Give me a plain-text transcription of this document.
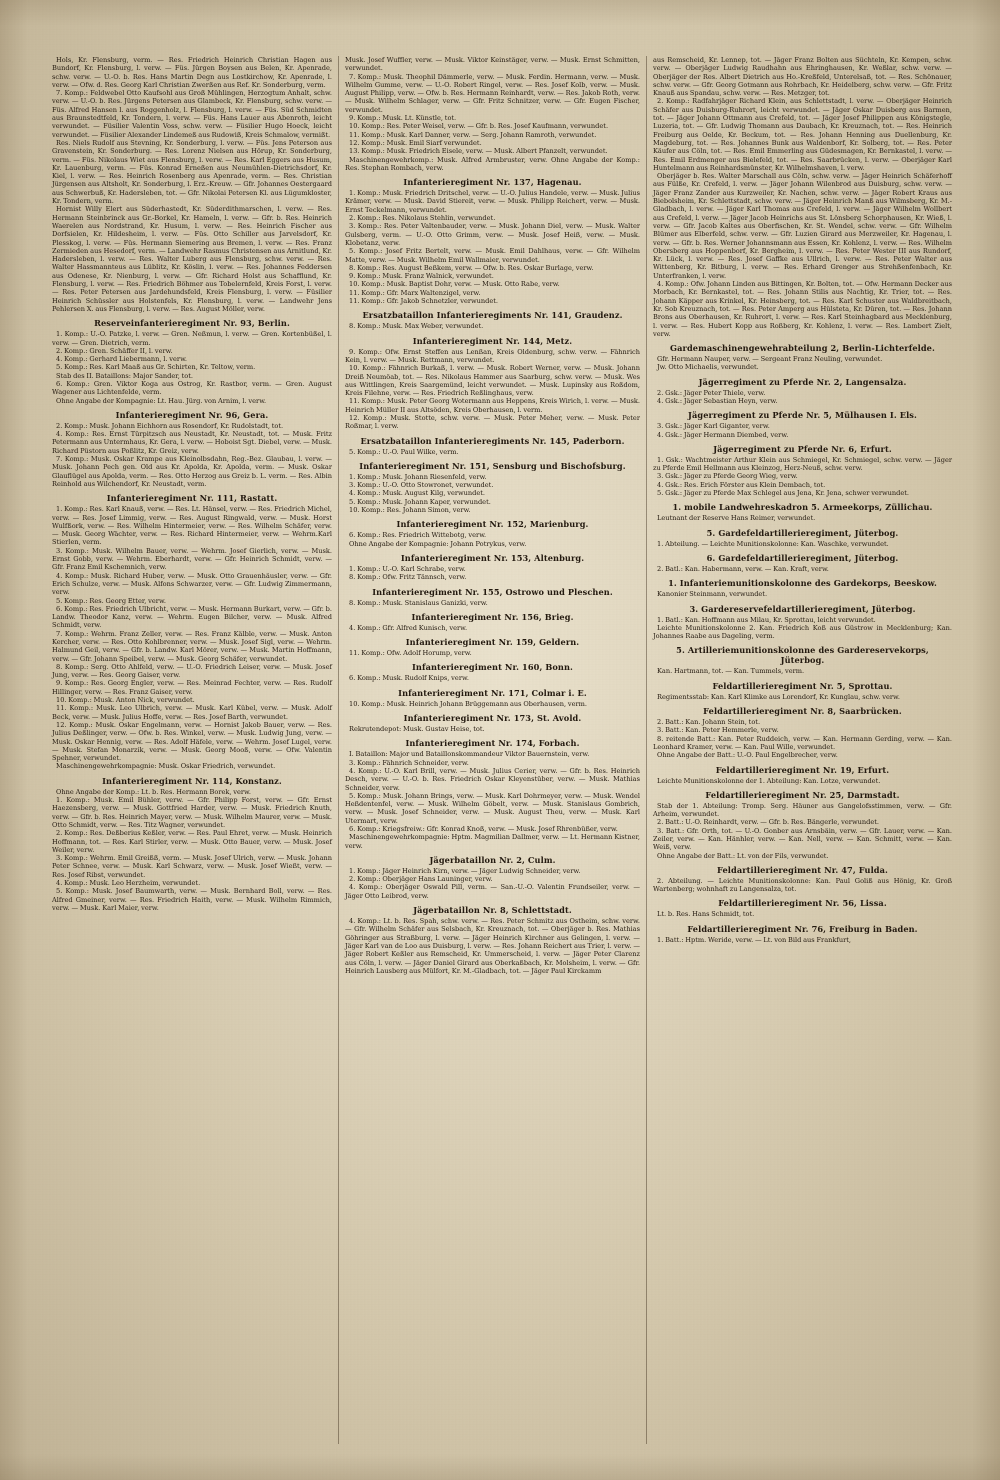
Hols, Kr. Flensburg, verm. — Res. Friedrich Heinrich Christian Hagen aus Bundorf, Kr. Flensburg, l. verw. — Füs. Jürgen Boysen aus Belen, Kr. Apenrade, schw. verw. — U.-O. b. Res. Hans Martin Degn aus Lostkirchow, Kr. Apenrade, l. verw. — Ofw. d. Res. Georg Karl Christian Zwerßen aus Ref. Kr. Sonderburg, verm.

7. Komp.: Feldwebel Otto Kaufsohl aus Groß Mühlingen, Herzogtum Anhalt, schw. verw. — U.-O. b. Res. Jürgens Petersen aus Glambeck, Kr. Flensburg, schw. verw. — Füs. Alfred Hansen l. aus Roggenholz, l. Flensburg, l. verw. — Füs. Süd Schmidten aus Braunstedtfeld, Kr. Tondern, l. verw. — Füs. Hans Lauer aus Abenroth, leicht verwundet. — Füsilier Valentin Voss, schw. verw. — Füsilier Hugo Hoeck, leicht verwundet. — Füsilier Alexander Lindemeß aus Rudowiß, Kreis Schmalow, vermißt.

Res. Niels Rudolf aus Stevning, Kr. Sonderburg, l. verw. — Füs. Jens Peterson aus Gravenstein, Kr. Sonderburg. — Res. Lorenz Nielsen aus Hörup, Kr. Sonderburg, verm. — Füs. Nikolaus Wiet aus Flensburg, l. verw. — Res. Karl Eggers aus Husum, Kr. Lauenburg, verm. — Füs. Konrad Erneßen aus Neumühlen-Dietrichsdorf, Kr. Kiel, l. verw. — Res. Heinrich Rosenberg aus Apenrade, verm. — Res. Christian Jürgensen aus Altsholt, Kr. Sonderburg, l. Erz.-Kreuw. — Gfr. Johannes Oestergaard aus Schwerbuß, Kr. Hadersleben, tot. — Gfr. Nikolai Petersen Kl. aus Lügumkloster, Kr. Tondern, verm.

Hornist Willy Elert aus Süderhastedt, Kr. Süderdithmarschen, l. verw. — Res. Hermann Steinbrinck aus Gr.-Borkel, Kr. Hameln, l. verw. — Gfr. b. Res. Heinrich Waerelen aus Nordstrand, Kr. Husum, l. verw. — Res. Heinrich Fischer aus Dorfsielen, Kr. Hildesheim, l. verw. — Füs. Otto Schiller aus Jarvelsdorf, Kr. Plesskog, l. verw. — Füs. Hermann Siemering aus Bremen, l. verw. — Res. Franz Zermieden aus Hesedorf, verm. — Landwehr Rasmus Christensen aus Arnitlund, Kr. Hadersleben, l. verw. — Res. Walter Luberg aus Flensburg, schw. verw. — Res. Walter Hassmannteus aus Lüblitz, Kr. Köslin, l. verw. — Res. Johannes Feddersen aus Odenese, Kr. Nienburg, l. verw. — Gfr. Richard Holst aus Schafflund, Kr. Flensburg, l. verw. — Res. Friedrich Böhmer aus Tobelernfeld, Kreis Forst, l. verw. — Res. Peter Petersen aus Jardehundsfeld, Kreis Flensburg, l. verw. — Füsilier Heinrich Schüssler aus Holstenfels, Kr. Flensburg, l. verw. — Landwehr Jens Pehlersen X. aus Flensburg, l. verw. — Res. August Möller, verw.

Reserveinfanterieregiment Nr. 93, Berlin.

1. Komp.: U.-O. Patzke, l. verw. — Gren. Neßmun, l. verw. — Gren. Kortenbüßel, l. verw. — Gren. Dietrich, verm.

2. Komp.: Gren. Schäffer II, l. verw.

4. Komp.: Gerhard Liebermann, l. verw.

5. Komp.: Res. Karl Maaß aus Gr. Schirten, Kr. Teltow, verm.

Stab des II. Bataillons: Major Sander, tot.

6. Komp.: Gren. Viktor Koga aus Ostrog, Kr. Rastbor, verm. — Gren. August Wagener aus Lichtenfelde, verm.

Ohne Angabe der Kompagnie: Lt. Hau. Jürg. von Arnim, l. verw.

Infanterieregiment Nr. 96, Gera.

2. Komp.: Musk. Johann Eichhorn aus Rosendorf, Kr. Rudolstadt, tot.

4. Komp.: Res. Ernst Türpitzsch aus Neustadt, Kr. Neustadt, tot. — Musk. Fritz Petermann aus Untermhaus, Kr. Gera, l. verw. — Hoboist Sgt. Diebel, verw. — Musk. Richard Püstorn aus Poßlitz, Kr. Greiz, verw.

7. Komp.: Musk. Oskar Krampe aus Kleinolbsdahn, Reg.-Bez. Glaubau, l. verw. — Musk. Johann Pech gen. Old aus Kr. Apolda, Kr. Apolda, verm. — Musk. Oskar Glauflügel aus Apolda, verm. — Res. Otto Herzog aus Greiz b. L. verm. — Res. Albin Reinhold aus Wilchendorf, Kr. Neustadt, verm.

Infanterieregiment Nr. 111, Rastatt.

1. Komp.: Res. Karl Knauß, verw. — Res. Lt. Hänsel, verw. — Res. Friedrich Michel, verw. — Res. Josef Limmig, verw. — Res. August Ringwald, verw. — Musk. Horst Wulfßork, verw. — Res. Wilhelm Hintermeier, verw. — Res. Wilhelm Schäfer, verw. — Musk. Georg Wächter, verw. — Res. Richard Hintermeier, verw. — Wehrm.Karl Stierlen, verm.

3. Komp.: Musk. Wilhelm Bauer, verw. — Wehrm. Josef Gierlich, verw. — Musk. Ernst Gobb, verw. — Wehrm. Eberhardt, verw. — Gfr. Heinrich Schmidt, verw. — Gfr. Franz Emil Kschemnich, verw.

4. Komp.: Musk. Richard Huber, verw. — Musk. Otto Grauenhäusler, verw. — Gfr. Erich Schulze, verw. — Musk. Alfons Schwarzer, verw. — Gfr. Ludwig Zimmermann, verw.

5. Komp.: Res. Georg Etter, verw.

6. Komp.: Res. Friedrich Ulbricht, verw. — Musk. Hermann Burkart, verw. — Gfr. b. Landw. Theodor Kanz, verw. — Wehrm. Eugen Bilcher, verw. — Musk. Alfred Schmidt, verw.

7. Komp.: Wehrm. Franz Zeller, verw. — Res. Franz Kälble, verw. — Musk. Anton Kercher, verw. — Res. Otto Kohlbrenner, verw. — Musk. Josef Sigl, verw. — Wehrm. Halmund Geil, verw. — Gfr. b. Landw. Karl Mörer, verw. — Musk. Martin Hoffmann, verw. — Gfr. Johann Speibel, verw. — Musk. Georg Schäfer, verwundet.

8. Komp.: Serg. Otto Ahlfeld, verw. — U.-O. Friedrich Leiser, verw. — Musk. Josef Jung, verw. — Res. Georg Gaiser, verw.

9. Komp.: Res. Georg Engler, verw. — Res. Meinrad Fechter, verw. — Res. Rudolf Hillinger, verw. — Res. Franz Gaiser, verw.

10. Komp.: Musk. Anton Nick, verwundet.

11. Komp.: Musk. Leo Ulbrich, verw. — Musk. Karl Kübel, verw. — Musk. Adolf Beck, verw. — Musk. Julius Hoffe, verw. — Res. Josef Barth, verwundet.

12. Komp.: Musk. Oskar Engelmann, verw. — Hornist Jakob Bauer, verw. — Res. Julius Deßlinger, verw. — Ofw. b. Res. Winkel, verw. — Musk. Ludwig Jung, verw. — Musk. Oskar Hennig, verw. — Res. Adolf Häfele, verw. — Wehrm. Josef Lugel, verw. — Musk. Stefan Monarzik, verw. — Musk. Georg Mooß, verw. — Ofw. Valentin Spehner, verwundet.

Maschinengewehrkompagnie: Musk. Oskar Friedrich, verwundet.

Infanterieregiment Nr. 114, Konstanz.

Ohne Angabe der Komp.: Lt. b. Res. Hermann Borek, verw.

1. Komp.: Musk. Emil Bühler, verw. — Gfr. Philipp Forst, verw. — Gfr. Ernst Haezensberg, verw. — Musk. Gottfried Harder, verw. — Musk. Friedrich Knuth, verw. — Gfr. b. Res. Heinrich Mayer, verw. — Musk. Wilhelm Maurer, verw. — Musk. Otto Schmidt, verw. — Res. Titz Wagner, verwundet.

2. Komp.: Res. Deßberius Keßler, verw. — Res. Paul Ehret, verw. — Musk. Heinrich Hoffmann, tot. — Res. Karl Stirler, verw. — Musk. Otto Bauer, verw. — Musk. Josef Weiler, verw.

3. Komp.: Wehrm. Emil Greißß, verm. — Musk. Josef Ulrich, verw. — Musk. Johann Peter Schnee, verw. — Musk. Karl Schwarz, verw. — Musk. Josef Wießt, verw. — Res. Josef Ribst, verwundet.

4. Komp.: Musk. Leo Herzheim, verwundet.

5. Komp.: Musk. Josef Baumwarth, verw. — Musk. Bernhard Boll, verw. — Res. Alfred Gmeiner, verw. — Res. Friedrich Haith, verw. — Musk. Wilhelm Rimmich, verw. — Musk. Karl Maier, verw.

Musk. Josef Wuffler, verw. — Musk. Viktor Keinstäger, verw. — Musk. Ernst Schmitten, verwundet.

7. Komp.: Musk. Theophil Dämmerle, verw. — Musk. Ferdin. Hermann, verw. — Musk. Wilhelm Gumme, verw. — U.-O. Robert Ringel, verw. — Res. Josef Kolb, verw. — Musk. August Philipp, verw. — Ofw. b. Res. Hermann Reinhardt, verw. — Res. Jakob Roth, verw. — Musk. Wilhelm Schlager, verw. — Gfr. Fritz Schnitzer, verw. — Gfr. Eugen Fischer, verwundet.

9. Komp.: Musk. Lt. Künstle, tot.

10. Komp.: Res. Peter Weisel, verw. — Gfr. b. Res. Josef Kaufmann, verwundet.

11. Komp.: Musk. Karl Danner, verw. — Serg. Johann Ramroth, verwundet.

12. Komp.: Musk. Emil Siarf verwundet.

13. Komp.: Musk. Friedrich Eisele, verw. — Musk. Albert Pfanzelt, verwundet.

Maschinengewehrkomp.: Musk. Alfred Armbruster, verw. Ohne Angabe der Komp.: Res. Stephan Rombach, verw.

Infanterieregiment Nr. 137, Hagenau.

1. Komp.: Musk. Friedrich Dritschel, verw. — U.-O. Julius Handele, verw. — Musk. Julius Krämer, verw. — Musk. David Stiereit, verw. — Musk. Philipp Reichert, verw. — Musk. Ernst Teckelmann, verwundet.

2. Komp.: Res. Nikolaus Stehlin, verwundet.

3. Komp.: Res. Peter Valtenbauder, verw. — Musk. Johann Diel, verw. — Musk. Walter Gulsberg, verm. — U.-O. Otto Grimm, verw. — Musk. Josef Heiß, verw. — Musk. Klobetanz, verw.

5. Komp.: Josef Fritz Bertelt, verw. — Musk. Emil Dahlhaus, verw. — Gfr. Wilhelm Matte, verw. — Musk. Wilhelm Emil Wallmaier, verwundet.

8. Komp.: Res. August Beßkem, verw. — Ofw. b. Res. Oskar Burlage, verw.

9. Komp.: Musk. Franz Walnick, verwundet.

10. Komp.: Musk. Baptist Dohr, verw. — Musk. Otto Rabe, verw.

11. Komp.: Gfr. Marx Waltenzigel, verw.

11. Komp.: Gfr. Jakob Schnetzler, verwundet.

Ersatzbataillon Infanterieregiments Nr. 141, Graudenz.

8. Komp.: Musk. Max Weber, verwundet.

Infanterieregiment Nr. 144, Metz.

9. Komp.: Ofw. Ernst Steffen aus Lenßan, Kreis Oldenburg, schw. verw. — Fähnrich Kein, l. verw. — Musk. Rettmann, verwundet.

10. Komp.: Fähnrich Burkaß, l. verw. — Musk. Robert Werner, verw. — Musk. Johann Dreiß Neumöab, tot. — Res. Nikolaus Hammer aus Saarburg, schw. verw. — Musk. Wes aus Wittlingen, Kreis Saargemünd, leicht verwundet. — Musk. Lupinsky aus Roßdom, Kreis Filehne, verw. — Res. Friedrich Reßlinghaus, verw.

11. Komp.: Musk. Peter Georg Wotermann aus Heppens, Kreis Wirich, l. verw. — Musk. Heinrich Müller II aus Altsöden, Kreis Oberhausen, l. verm.

12. Komp.: Musk. Stotte, schw. verw. — Musk. Peter Meher, verw. — Musk. Peter Roßmar, l. verw.

Ersatzbataillon Infanterieregiments Nr. 145, Paderborn.

5. Komp.: U.-O. Paul Wilke, verm.

Infanterieregiment Nr. 151, Sensburg und Bischofsburg.

1. Komp.: Musk. Johann Riesenfeld, verw.

3. Komp.: U.-O. Otto Stowronet, verwundet.

4. Komp.: Musk. August Kilg, verwundet.

5. Komp.: Musk. Johann Kaper, verwundet.

10. Komp.: Res. Johann Simon, verw.

Infanterieregiment Nr. 152, Marienburg.

6. Komp.: Res. Friedrich Wittebotg, verw.

Ohne Angabe der Kompagnie: Johann Potrykus, verw.

Infanterieregiment Nr. 153, Altenburg.

1. Komp.: U.-O. Karl Schrabe, verw.

8. Komp.: Ofw. Fritz Tännsch, verw.

Infanterieregiment Nr. 155, Ostrowo und Pleschen.

8. Komp.: Musk. Stanislaus Ganizki, verw.

Infanterieregiment Nr. 156, Brieg.

4. Komp.: Gfr. Alfred Kunisch, verw.

Infanterieregiment Nr. 159, Geldern.

11. Komp.: Ofw. Adolf Horump, verw.

Infanterieregiment Nr. 160, Bonn.

6. Komp.: Musk. Rudolf Knips, verw.

Infanterieregiment Nr. 171, Colmar i. E.

10. Komp.: Musk. Heinrich Johann Brüggemann aus Oberhausen, verm.

Infanterieregiment Nr. 173, St. Avold.

Rekrutendepot: Musk. Gustav Heise, tot.

Infanterieregiment Nr. 174, Forbach.

I. Bataillon: Major und Bataillonskommandeur Viktor Bauernstein, verw.

3. Komp.: Fähnrich Schneider, verw.

4. Komp.: U.-O. Karl Brill, verw. — Musk. Julius Cerier, verw. — Gfr. b. Res. Heinrich Desch, verw. — U.-O. b. Res. Friedrich Oskar Kleyenstüber, verw. — Musk. Mathias Schneider, verw.

5. Komp.: Musk. Johann Brings, verw. — Musk. Karl Dohrmeyer, verw. — Musk. Wendel Heßdentenfel, verw. — Musk. Wilhelm Göbelt, verw. — Musk. Stanislaus Gombrich, verw. — Musk. Josef Schneider, verw. — Musk. August Theu, verw. — Musk. Karl Utermart, verw.

6. Komp.: Kriegsfreiw.: Gfr. Konrad Knoß, verw. — Musk. Josef Rhrenbüßer, verw.

Maschinengewehrkompagnie: Hptm. Magmilian Dallmer, verw. — Lt. Hermann Kistner, verw.

Jägerbataillon Nr. 2, Culm.

1. Komp.: Jäger Heinrich Kirn, verw. — Jäger Ludwig Schneider, verw.

2. Komp.: Oberjäger Hans Launinger, verw.

4. Komp.: Oberjäger Oswald Pill, verm. — San.-U.-O. Valentin Frundseiler, verw. — Jäger Otto Leibrod, verw.

Jägerbataillon Nr. 8, Schlettstadt.

4. Komp.: Lt. b. Res. Spah, schw. verw. — Res. Peter Schmitz aus Ostheim, schw. verw. — Gfr. Wilhelm Schäfer aus Selsbach, Kr. Kreuznach, tot. — Oberjäger b. Res. Mathias Göhringer aus Straßburg, l. verw. — Jäger Heinrich Kirchner aus Gelingen, l. verw. — Jäger Karl van de Loo aus Duisburg, l. verw. — Res. Johann Reichert aus Trier, l. verw. — Jäger Robert Keßler aus Remscheid, Kr. Ummerscheid, l. verw. — Jäger Peter Clarenz aus Cöln, l. verw. — Jäger Daniel Girard aus Oberkaßbach, Kr. Molsheim, l. verw. — Gfr. Heinrich Lausberg aus Mülfort, Kr. M.-Gladbach, tot. — Jäger Paul Kirckamm

aus Remscheid, Kr. Lennep, tot. — Jäger Franz Bolten aus Süchteln, Kr. Kempen, schw. verw. — Oberjäger Ludwig Raudhahn aus Ehringhausen, Kr. Weßlar, schw. verw. — Oberjäger der Res. Albert Dietrich aus Ho.-Kreßfeld, Unterelsaß, tot. — Res. Schönauer, schw. verw. — Gfr. Georg Gotmann aus Rohrbach, Kr. Heidelberg, schw. verw. — Gfr. Fritz Knauß aus Spandau, schw. verw. — Res. Metzger, tot.

2. Komp.: Radfahrjäger Richard Klein, aus Schlettstadt, l. verw. — Oberjäger Heinrich Schäfer aus Duisburg-Ruhrort, leicht verwundet. — Jäger Oskar Duisberg aus Barmen, tot. — Jäger Johann Ottmann aus Crefeld, tot. — Jäger Josef Philippen aus Königstegle, Luzeria, tot. — Gfr. Ludwig Thomann aus Daubach, Kr. Kreuznach, tot. — Res. Heinrich Freiburg aus Oelde, Kr. Beckum, tot. — Res. Johann Henning aus Duellenburg, Kr. Magdeburg, tot. — Res. Johannes Bunk aus Waldenborf, Kr. Solberg, tot. — Res. Peter Käufer aus Cöln, tot. — Res. Emil Emmerling aus Güdesmagen, Kr. Bernkastel, l. verw. — Res. Emil Erdmenger aus Bielefeld, tot. — Res. Saarbrücken, l. verw. — Oberjäger Karl Huntelmann aus Reinhardsmünster, Kr. Wilhelmshaven, l. verw.

Oberjäger b. Res. Walter Marschall aus Cöln, schw. verw. — Jäger Heinrich Schäferhoff aus Fülße, Kr. Crefeld, l. verw. — Jäger Johann Wilenbrod aus Duisburg, schw. verw. — Jäger Franz Zander aus Kurzweiler, Kr. Nachen, schw. verw. — Jäger Robert Kraus aus Biebolsheim, Kr. Schlettstadt, schw. verw. — Jäger Heinrich Manß aus Wilmsberg, Kr. M.-Gladbach, l. verw. — Jäger Karl Thomas aus Crefeld, l. verw. — Jäger Wilhelm Wollbert aus Crefeld, l. verw. — Jäger Jacob Heinrichs aus St. Lönsberg Schorphausen, Kr. Wieß, l. verw. — Gfr. Jacob Kaltes aus Oberfischen, Kr. St. Wendel, schw. verw. — Gfr. Wilhelm Blümer aus Elberfeld, schw. verw. — Gfr. Luzien Girard aus Merzweiler, Kr. Hagenau, l. verw. — Gfr. b. Res. Werner Johannsmann aus Essen, Kr. Kohlenz, l. verw. — Res. Wilhelm Obersberg aus Hoppenborf, Kr. Bergheim, l. verw. — Res. Peter Wester III aus Rundorf, Kr. Lück, l. verw. — Res. Josef Gaffke aus Ullrich, l. verw. — Res. Peter Walter aus Wittenberg, Kr. Bitburg, l. verw. — Res. Erhard Grenger aus Strehßenfenbach, Kr. Unterfranken, l. verw.

4. Komp.: Ofw. Johann Linden aus Bittingen, Kr. Bolten, tot. — Ofw. Hermann Decker aus Morbach, Kr. Bernkastel, tot. — Res. Johann Stilis aus Nachtig, Kr. Trier, tot. — Res. Johann Käpper aus Krinkel, Kr. Heinsberg, tot. — Res. Karl Schuster aus Waldbreitbach, Kr. Sob Kreuznach, tot. — Res. Peter Amperg aus Hülsteta, Kr. Düren, tot. — Res. Johann Brons aus Oberhausen, Kr. Ruhrort, l. verw. — Res. Karl Steinhagbard aus Mecklenburg, l. verw. — Res. Hubert Kopp aus Roßberg, Kr. Kohlenz, l. verw. — Res. Lambert Zielt, verw.

Gardemaschinengewehrabteilung 2, Berlin-Lichterfelde.

Gfr. Hermann Nauper, verw. — Sergeant Franz Neuling, verwundet.

Jw. Otto Michaelis, verwundet.

Jägerregiment zu Pferde Nr. 2, Langensalza.

2. Gsk.: Jäger Peter Thiele, verw.

4. Gsk.: Jäger Sebastian Heyn, verw.

Jägerregiment zu Pferde Nr. 5, Mülhausen I. Els.

3. Gsk.: Jäger Karl Giganter, verw.

4. Gsk.: Jäger Hermann Diembed, verw.

Jägerregiment zu Pferde Nr. 6, Erfurt.

1. Gsk.: Wachtmeister Arthur Klein aus Schmiegel, Kr. Schmiegel, schw. verw. — Jäger zu Pferde Emil Hellmann aus Kleinzog, Herz-Neuß, schw. verw.

3. Gsk.: Jäger zu Pferde Georg Wieg, verw.

4. Gsk.: Res. Erich Förster aus Klein Dembach, tot.

5. Gsk.: Jäger zu Pferde Max Schlegel aus Jena, Kr. Jena, schwer verwundet.

1. mobile Landwehreskadron 5. Armeekorps, Züllichau.

Leutnant der Reserve Hans Reimer, verwundet.

5. Gardefeldartillerieregiment, Jüterbog.

1. Abteilung. — Leichte Munitionskolonne: Kan. Waschke, verwundet.

6. Gardefeldartillerieregiment, Jüterbog.

2. Batl.: Kan. Habermann, verw. — Kan. Kraft, verw.

1. Infanteriemunitionskolonne des Gardekorps, Beeskow.

Kanonier Steinmann, verwundet.

3. Gardereservefeldartillerieregiment, Jüterbog.

1. Batl.: Kan. Hoffmann aus Milau, Kr. Sprottau, leicht verwundet.

Leichte Munitionskolonne 2. Kan. Friedrich Koß aus Güstrow in Mecklenburg; Kan. Johannes Raabe aus Dageling, verm.

5. Artilleriemunitionskolonne des Gardereservekorps, Jüterbog.

Kan. Hartmann, tot. — Kan. Tummels, verm.

Feldartillerieregiment Nr. 5, Sprottau.

Regimentsstab: Kan. Karl Klimke aus Lorendorf, Kr. Kunglau, schw. verw.

Feldartillerieregiment Nr. 8, Saarbrücken.

2. Batt.: Kan. Johann Stein, tot.

3. Batt.: Kan. Peter Hemmerle, verw.

8. reitende Batt.: Kan. Peter Ruddeich, verw. — Kan. Hermann Gerding, verw. — Kan. Leonhard Kramer, verw. — Kan. Paul Wille, verwundet.

Ohne Angabe der Batt.: U.-O. Paul Engelbrecher, verw.

Feldartillerieregiment Nr. 19, Erfurt.

Leichte Munitionskolonne der 1. Abteilung: Kan. Lotze, verwundet.

Feldartillerieregiment Nr. 25, Darmstadt.

Stab der 1. Abteilung: Tromp. Serg. Häuner aus Gangelofsstimmen, verw. — Gfr. Arheim, verwundet.

2. Batt.: U.-O. Reinhardt, verw. — Gfr. b. Res. Bängerle, verwundet.

3. Batt.: Gfr. Orth, tot. — U.-O. Gonber aus Arnsbäin, verw. — Gfr. Lauer, verw. — Kan. Zeiler, verw. — Kan. Hänhler, verw. — Kan. Nell, verw. — Kan. Schmitt, verw. — Kan. Weiß, verw.

Ohne Angabe der Batt.: Lt. von der Fils, verwundet.

Feldartillerieregiment Nr. 47, Fulda.

2. Abteilung. — Leichte Munitionskolonne: Kan. Paul Goliß aus Hönig, Kr. Groß Wartenberg; wohnhaft zu Langensalza, tot.

Feldartillerieregiment Nr. 56, Lissa.

Lt. b. Res. Hans Schmidt, tot.

Feldartillerieregiment Nr. 76, Freiburg in Baden.

1. Batt.: Hptm. Weride, verw. — Lt. von Bild aus Frankfurt,
